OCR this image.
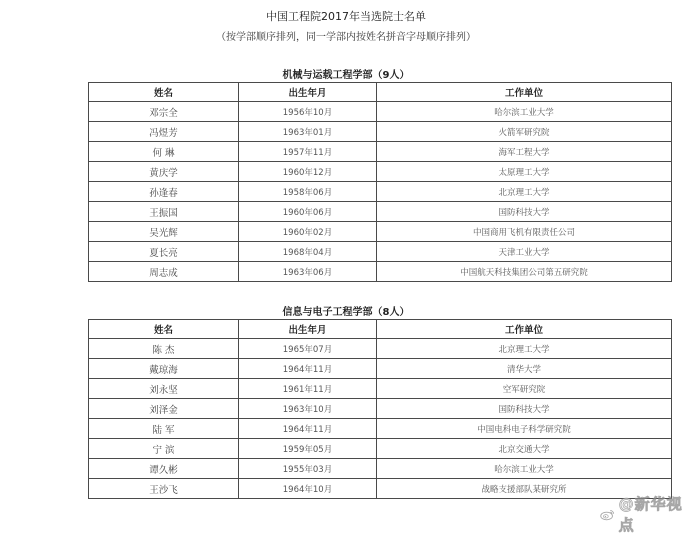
中国工程院2017年当选院士名单
（按学部顺序排列，同一学部内按姓名拼音字母顺序排列）
机械与运载工程学部（9人）
姓名	出生年月	工作单位
邓宗全	1956年10月	哈尔滨工业大学
冯煜芳	1963年01月	火箭军研究院
何 琳	1957年11月	海军工程大学
黄庆学	1960年12月	太原理工大学
孙逢春	1958年06月	北京理工大学
王振国	1960年06月	国防科技大学
吴光辉	1960年02月	中国商用飞机有限责任公司
夏长亮	1968年04月	天津工业大学
周志成	1963年06月	中国航天科技集团公司第五研究院
信息与电子工程学部（8人）
姓名	出生年月	工作单位
陈 杰	1965年07月	北京理工大学
戴琼海	1964年11月	清华大学
刘永坚	1961年11月	空军研究院
刘泽金	1963年10月	国防科技大学
陆 军	1964年11月	中国电科电子科学研究院
宁 滨	1959年05月	北京交通大学
谭久彬	1955年03月	哈尔滨工业大学
王沙飞	1964年10月	战略支援部队某研究所
@新华视点
